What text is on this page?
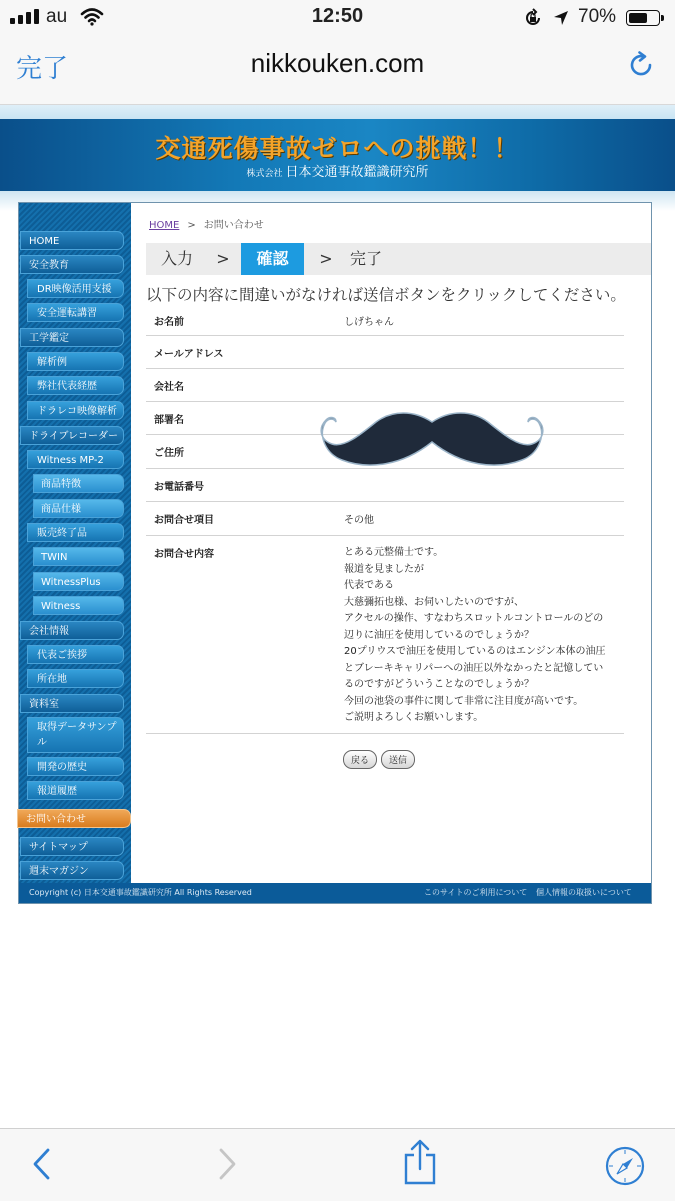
au	12:50	70%
完了	nikkouken.com
交通死傷事故ゼロへの挑戦！！
株式会社 日本交通事故鑑識研究所
HOME
安全教育
DR映像活用支援
安全運転講習
工学鑑定
解析例
弊社代表経歴
ドラレコ映像解析
ドライブレコーダー
Witness MP-2
商品特徴
商品仕様
販売終了品
TWIN
WitnessPlus
Witness
会社情報
代表ご挨拶
所在地
資料室
取得データサンプル
開発の歴史
報道履歴
お問い合わせ
サイトマップ
週末マガジン
HOME > お問い合わせ
入力	>	確認	>	完了
以下の内容に間違いがなければ送信ボタンをクリックしてください。
お名前	しげちゃん
メールアドレス
会社名
部署名
ご住所
お電話番号
お問合せ項目	その他
お問合せ内容	とある元整備士です。
報道を見ましたが
代表である
大慈彌拓也様、お伺いしたいのですが、
アクセルの操作、すなわちスロットルコントロールのどの
辺りに油圧を使用しているのでしょうか？
20プリウスで油圧を使用しているのはエンジン本体の油圧
とブレーキキャリパーへの油圧以外なかったと記憶してい
るのですがどういうことなのでしょうか？
今回の池袋の事件に関して非常に注目度が高いです。
ご説明よろしくお願いします。
戻る	送信
Copyright (c) 日本交通事故鑑識研究所 All Rights Reserved	このサイトのご利用について 個人情報の取扱いについて
